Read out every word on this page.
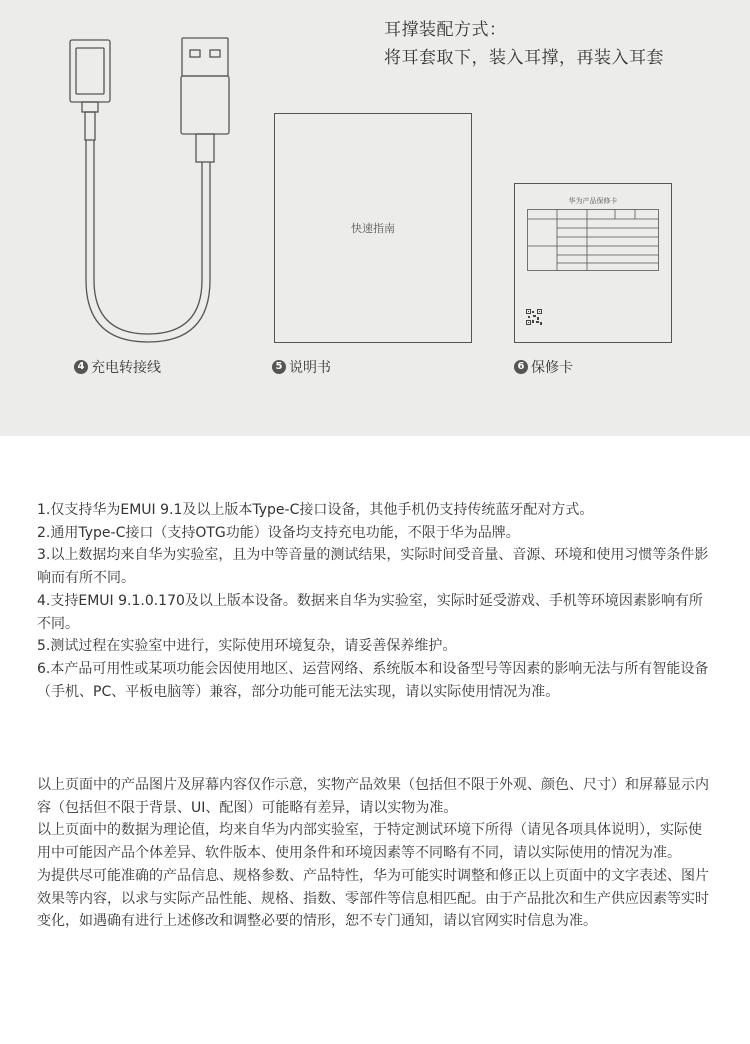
耳撑装配方式：
将耳套取下，装入耳撑，再装入耳套
快速指南
华为产品保修卡
4 充电转接线	5 说明书	6 保修卡

1.仅支持华为EMUI 9.1及以上版本Type-C接口设备，其他手机仍支持传统蓝牙配对方式。

2.通用Type-C接口（支持OTG功能）设备均支持充电功能，不限于华为品牌。

3.以上数据均来自华为实验室，且为中等音量的测试结果，实际时间受音量、音源、环境和使用习惯等条件影响而有所不同。

4.支持EMUI 9.1.0.170及以上版本设备。数据来自华为实验室，实际时延受游戏、手机等环境因素影响有所不同。

5.测试过程在实验室中进行，实际使用环境复杂，请妥善保养维护。

6.本产品可用性或某项功能会因使用地区、运营网络、系统版本和设备型号等因素的影响无法与所有智能设备（手机、PC、平板电脑等）兼容，部分功能可能无法实现，请以实际使用情况为准。

以上页面中的产品图片及屏幕内容仅作示意，实物产品效果（包括但不限于外观、颜色、尺寸）和屏幕显示内容（包括但不限于背景、UI、配图）可能略有差异，请以实物为准。

以上页面中的数据为理论值，均来自华为内部实验室，于特定测试环境下所得（请见各项具体说明），实际使用中可能因产品个体差异、软件版本、使用条件和环境因素等不同略有不同，请以实际使用的情况为准。

为提供尽可能准确的产品信息、规格参数、产品特性，华为可能实时调整和修正以上页面中的文字表述、图片效果等内容，以求与实际产品性能、规格、指数、零部件等信息相匹配。由于产品批次和生产供应因素等实时变化，如遇确有进行上述修改和调整必要的情形，恕不专门通知，请以官网实时信息为准。
